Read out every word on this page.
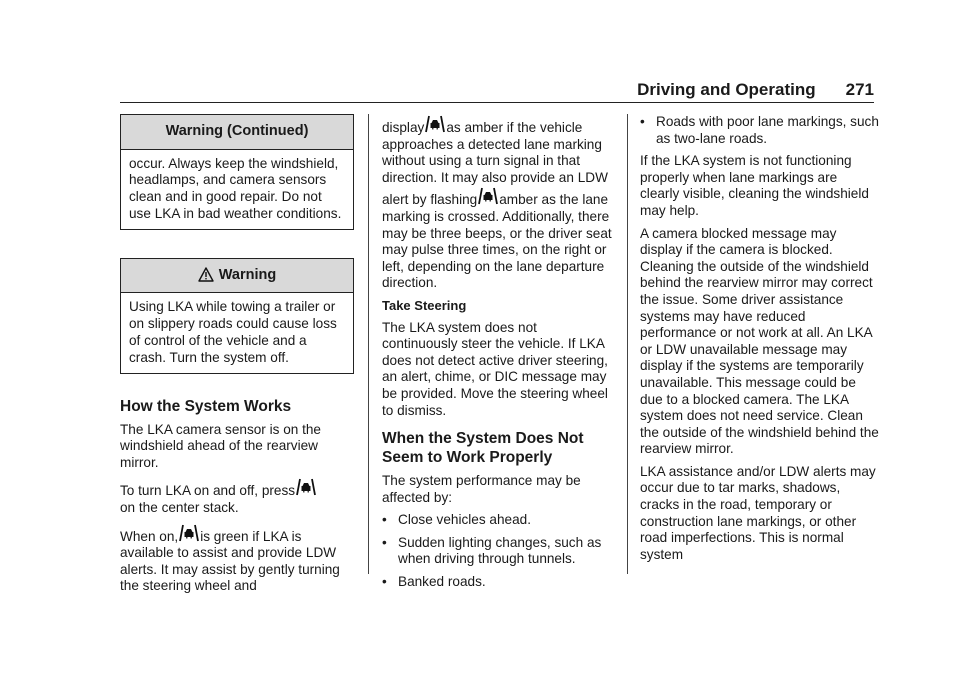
Driving and Operating 271
Warning (Continued)
occur. Always keep the windshield, headlamps, and camera sensors clean and in good repair. Do not use LKA in bad weather conditions.
Warning
Using LKA while towing a trailer or on slippery roads could cause loss of control of the vehicle and a crash. Turn the system off.
How the System Works

The LKA camera sensor is on the windshield ahead of the rearview mirror.

To turn LKA on and off, press
on the center stack.

When on, is green if LKA is available to assist and provide LDW alerts. It may assist by gently turning the steering wheel and

display as amber if the vehicle approaches a detected lane marking without using a turn signal in that direction. It may also provide an LDW alert by flashing amber as the lane marking is crossed. Additionally, there may be three beeps, or the driver seat may pulse three times, on the right or left, depending on the lane departure direction.

Take Steering

The LKA system does not continuously steer the vehicle. If LKA does not detect active driver steering, an alert, chime, or DIC message may be provided. Move the steering wheel to dismiss.

When the System Does Not Seem to Work Properly

The system performance may be affected by:

• Close vehicles ahead.
• Sudden lighting changes, such as when driving through tunnels.
• Banked roads.
• Roads with poor lane markings, such as two-lane roads.

If the LKA system is not functioning properly when lane markings are clearly visible, cleaning the windshield may help.

A camera blocked message may display if the camera is blocked. Cleaning the outside of the windshield behind the rearview mirror may correct the issue. Some driver assistance systems may have reduced performance or not work at all. An LKA or LDW unavailable message may display if the systems are temporarily unavailable. This message could be due to a blocked camera. The LKA system does not need service. Clean the outside of the windshield behind the rearview mirror.

LKA assistance and/or LDW alerts may occur due to tar marks, shadows, cracks in the road, temporary or construction lane markings, or other road imperfections. This is normal system
